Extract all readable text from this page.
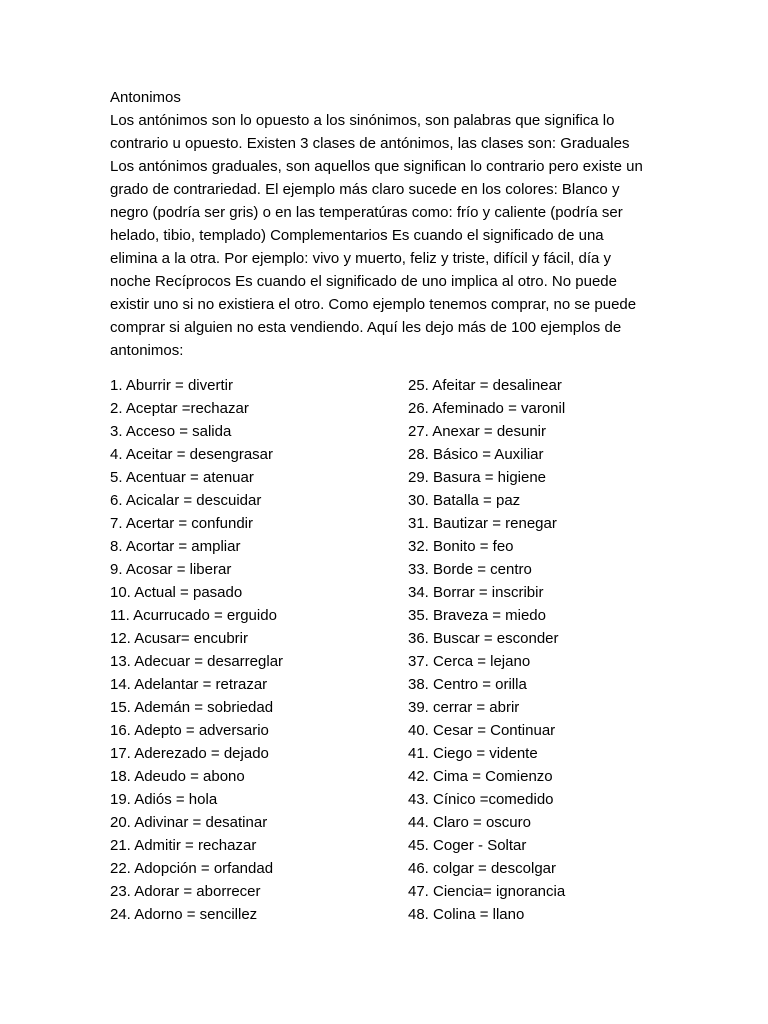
Antonimos

Los antónimos son lo opuesto a los sinónimos, son palabras que significa lo contrario u opuesto. Existen 3 clases de antónimos, las clases son: Graduales Los antónimos graduales, son aquellos que significan lo contrario pero existe un grado de contrariedad. El ejemplo más claro sucede en los colores: Blanco y negro (podría ser gris) o en las temperatúras como: frío y caliente (podría ser helado, tibio, templado) Complementarios Es cuando el significado de una elimina a la otra. Por ejemplo: vivo y muerto, feliz y triste, difícil y fácil, día y noche Recíprocos Es cuando el significado de uno implica al otro. No puede existir uno si no existiera el otro. Como ejemplo tenemos comprar, no se puede comprar si alguien no esta vendiendo. Aquí les dejo más de 100 ejemplos de antonimos:

1. Aburrir = divertir
2. Aceptar =rechazar
3. Acceso = salida
4. Aceitar = desengrasar
5. Acentuar = atenuar
6. Acicalar = descuidar
7. Acertar = confundir
8. Acortar = ampliar
9. Acosar = liberar
10. Actual = pasado
11. Acurrucado = erguido
12. Acusar= encubrir
13. Adecuar = desarreglar
14. Adelantar = retrazar
15. Ademán = sobriedad
16. Adepto = adversario
17. Aderezado = dejado
18. Adeudo = abono
19. Adiós = hola
20. Adivinar = desatinar
21. Admitir = rechazar
22. Adopción = orfandad
23. Adorar = aborrecer
24. Adorno = sencillez
25. Afeitar = desalinear
26. Afeminado = varonil
27. Anexar = desunir
28. Básico = Auxiliar
29. Basura = higiene
30. Batalla = paz
31. Bautizar = renegar
32. Bonito = feo
33. Borde = centro
34. Borrar = inscribir
35. Braveza = miedo
36. Buscar = esconder
37. Cerca = lejano
38. Centro = orilla
39. cerrar = abrir
40. Cesar = Continuar
41. Ciego = vidente
42. Cima = Comienzo
43. Cínico =comedido
44. Claro = oscuro
45. Coger - Soltar
46. colgar = descolgar
47. Ciencia= ignorancia
48. Colina = llano
